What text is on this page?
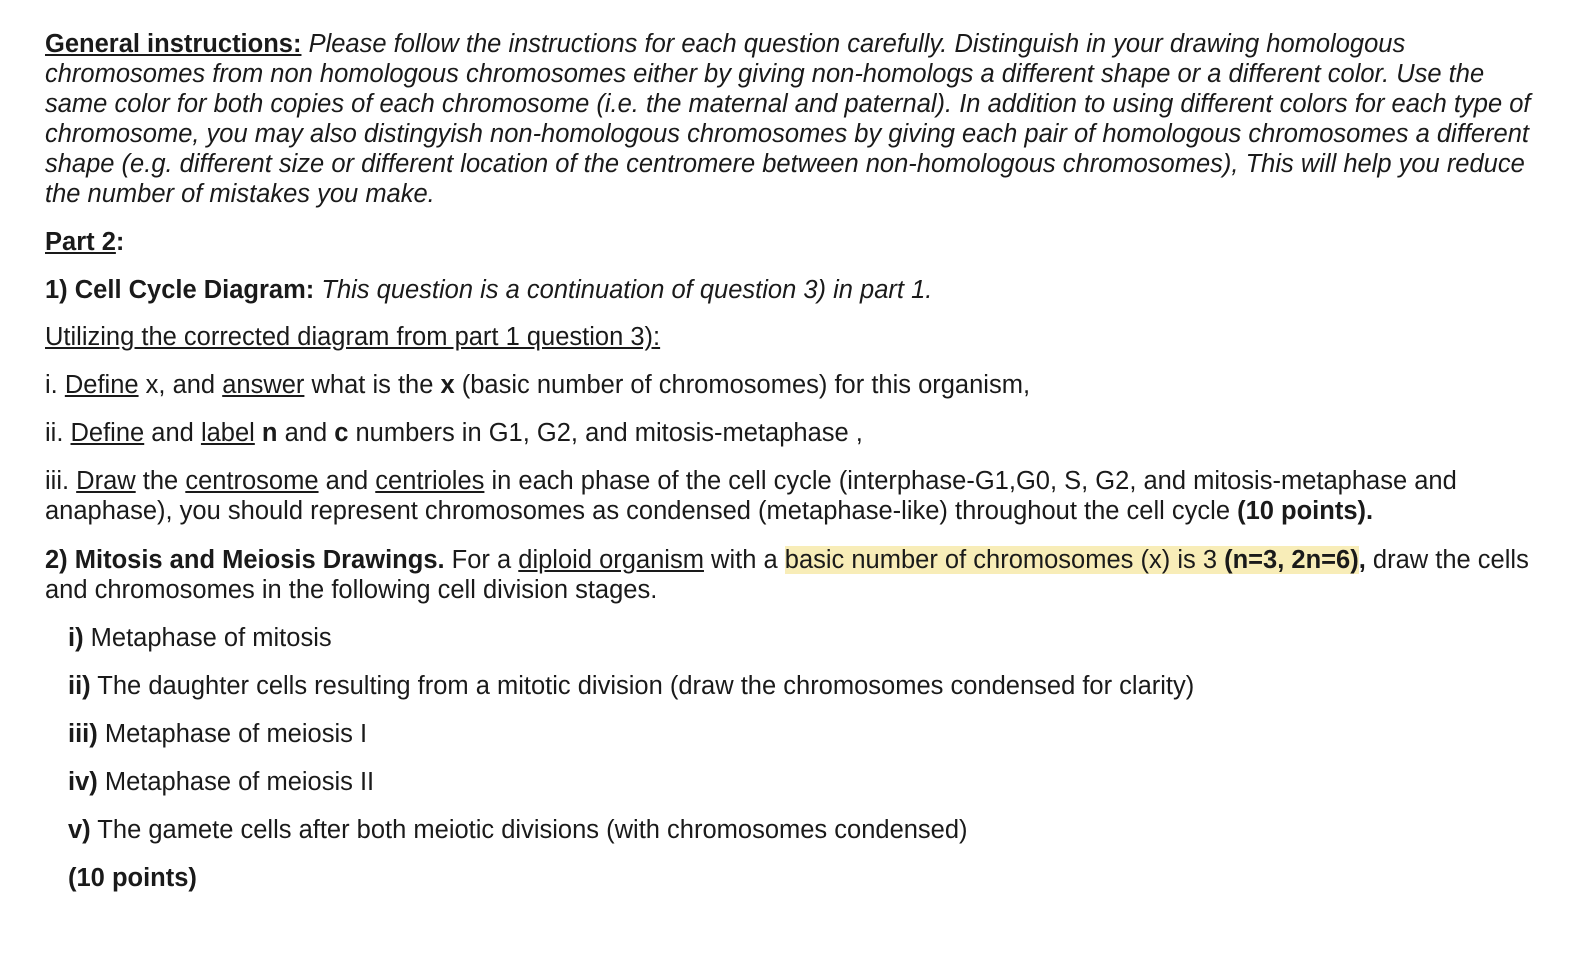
General instructions: Please follow the instructions for each question carefully. Distinguish in your drawing homologous chromosomes from non homologous chromosomes either by giving non-homologs a different shape or a different color. Use the same color for both copies of each chromosome (i.e. the maternal and paternal). In addition to using different colors for each type of chromosome, you may also distingyish non-homologous chromosomes by giving each pair of homologous chromosomes a different shape (e.g. different size or different location of the centromere between non-homologous chromosomes), This will help you reduce the number of mistakes you make.

Part 2:

1) Cell Cycle Diagram: This question is a continuation of question 3) in part 1.

Utilizing the corrected diagram from part 1 question 3):

i. Define x, and answer what is the x (basic number of chromosomes) for this organism,

ii. Define and label n and c numbers in G1, G2, and mitosis-metaphase ,

iii. Draw the centrosome and centrioles in each phase of the cell cycle (interphase-G1,G0, S, G2, and mitosis-metaphase and anaphase), you should represent chromosomes as condensed (metaphase-like) throughout the cell cycle (10 points).

2) Mitosis and Meiosis Drawings. For a diploid organism with a basic number of chromosomes (x) is 3 (n=3, 2n=6), draw the cells and chromosomes in the following cell division stages.

i) Metaphase of mitosis

ii) The daughter cells resulting from a mitotic division (draw the chromosomes condensed for clarity)

iii) Metaphase of meiosis I

iv) Metaphase of meiosis II

v) The gamete cells after both meiotic divisions (with chromosomes condensed)

(10 points)
